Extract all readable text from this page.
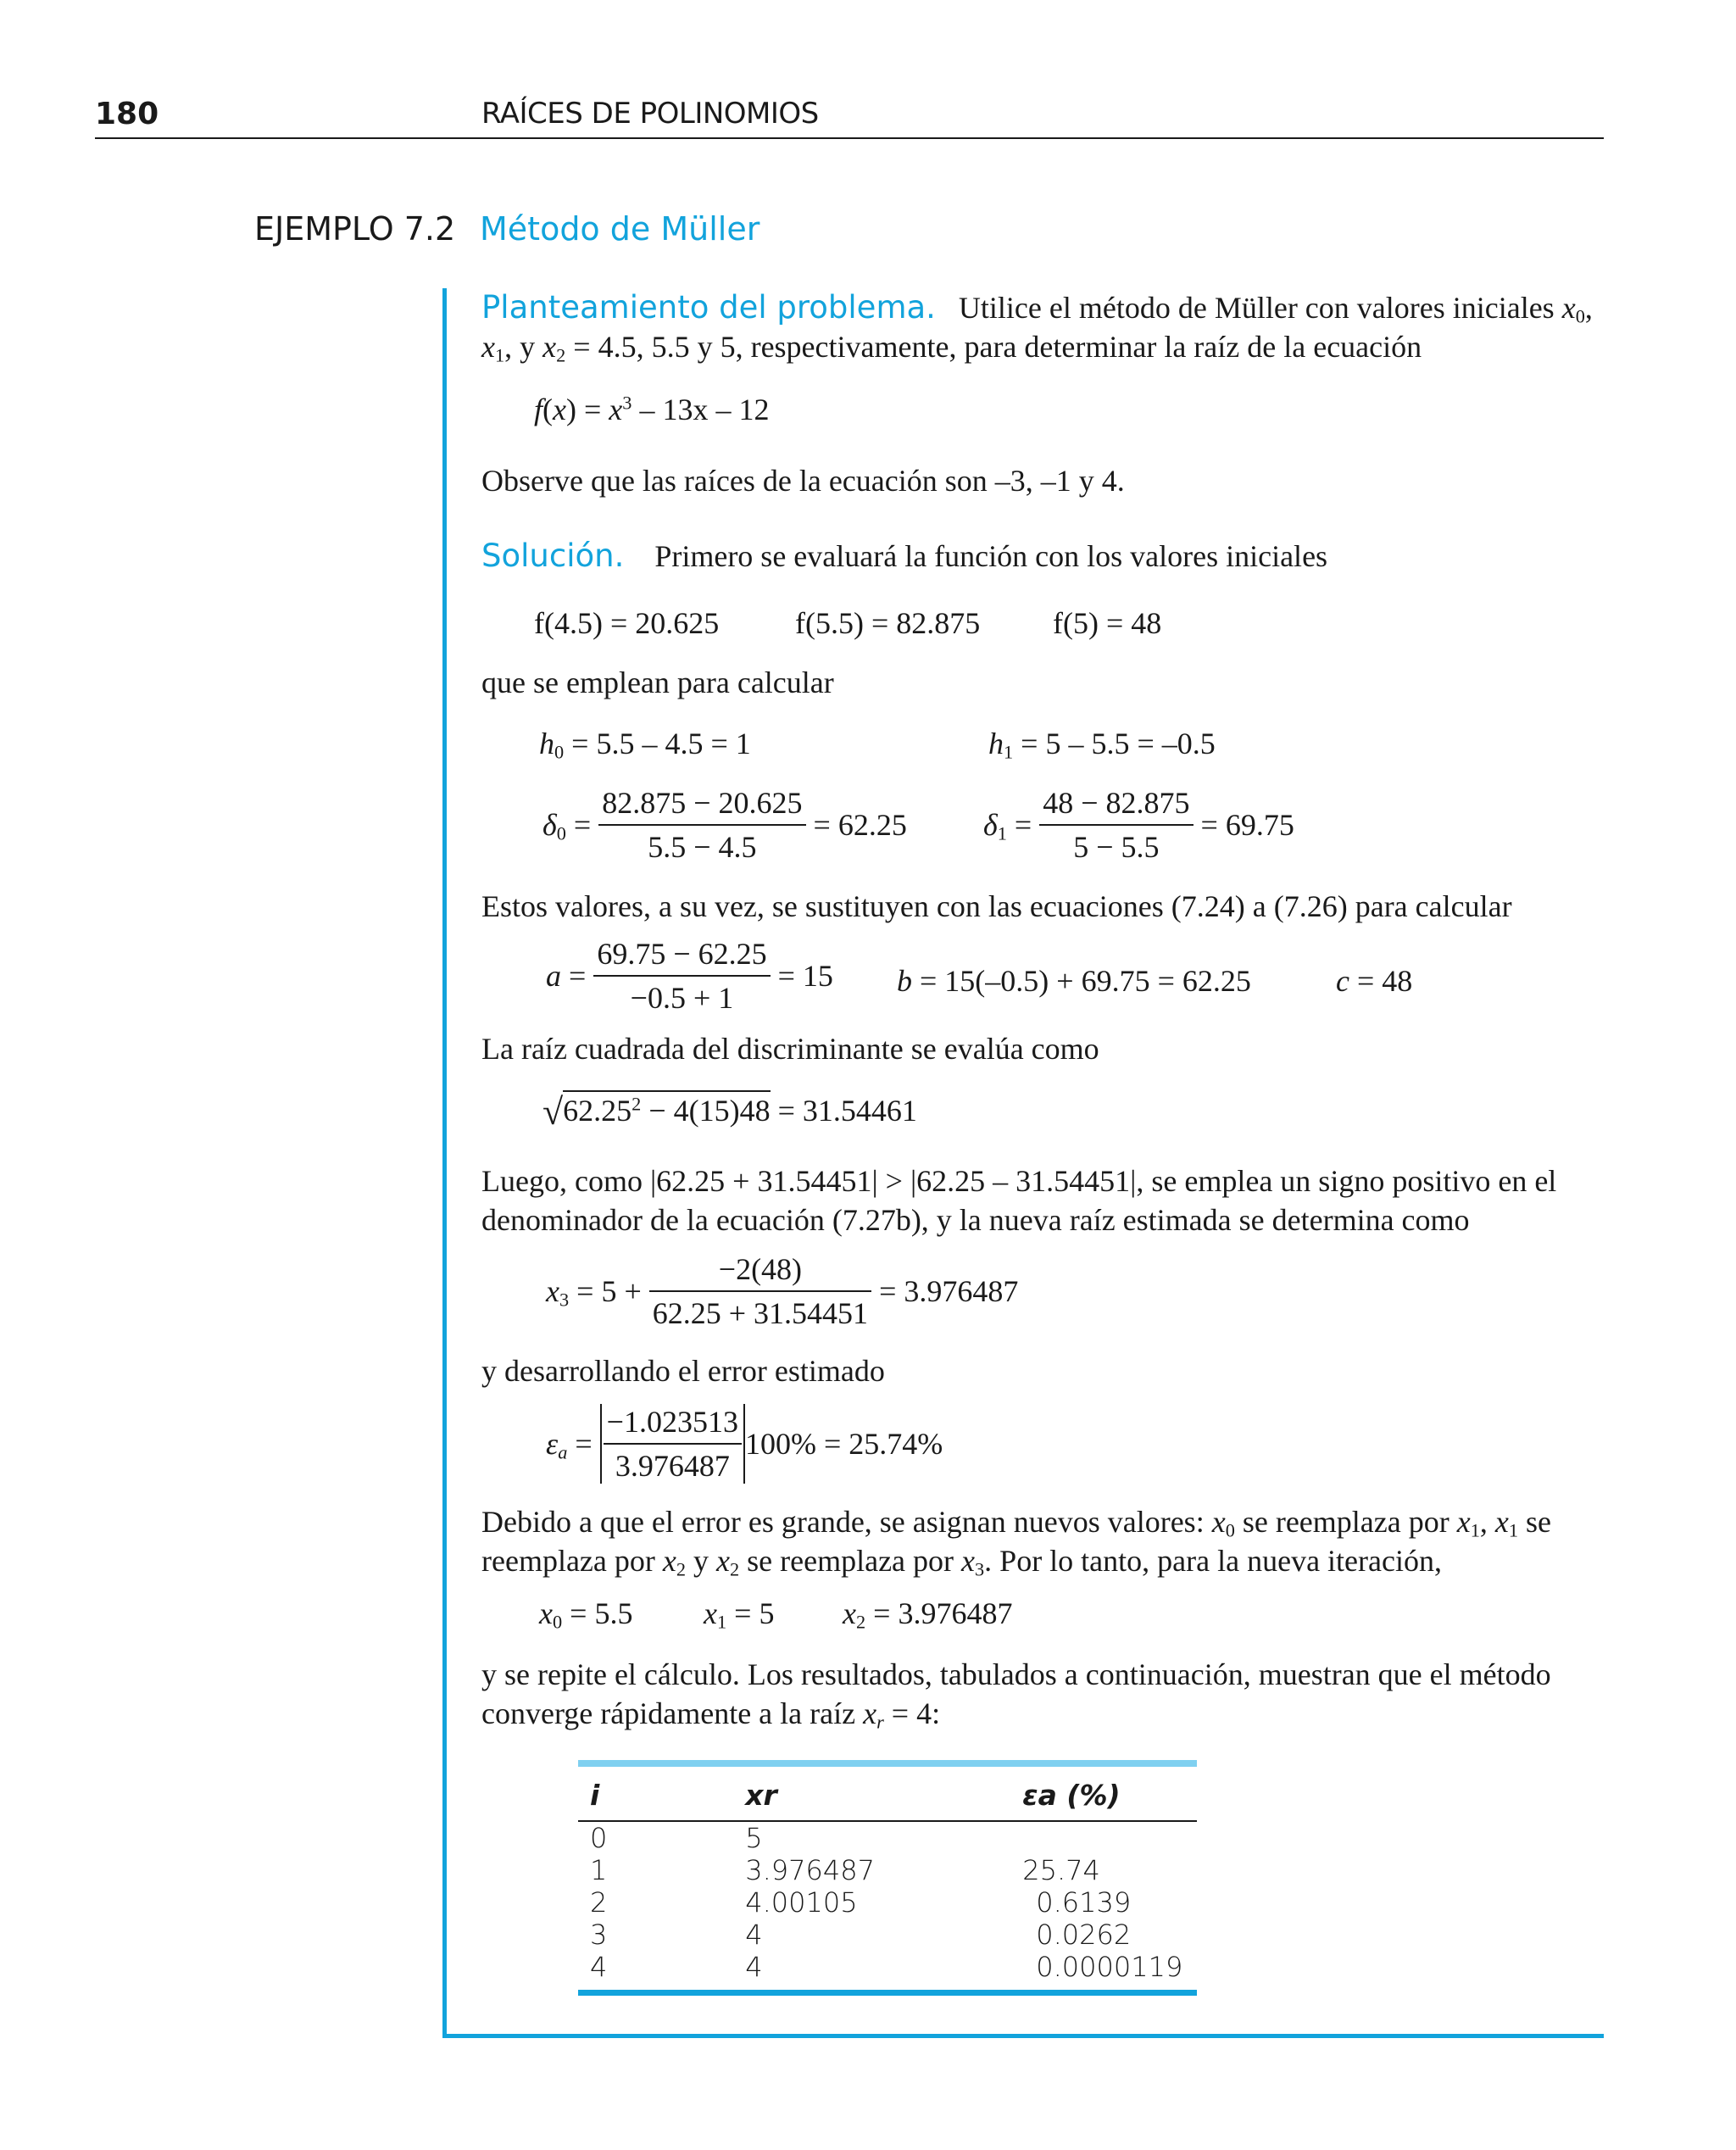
180	RAÍCES DE POLINOMIOS
EJEMPLO 7.2 Método de Müller
Planteamiento del problema. Utilice el método de Müller con valores iniciales $x_0$,
$x_1$, y $x_2 = 4.5$, 5.5 y 5, respectivamente, para determinar la raíz de la ecuación
$f(x) = x^3 - 13x - 12$
Observe que las raíces de la ecuación son –3, –1 y 4.
Solución. Primero se evaluará la función con los valores iniciales
f(4.5) = 20.625 f(5.5) = 82.875 f(5) = 48
que se emplean para calcular
$h_0 = 5.5 - 4.5 = 1$	$h_1 = 5 - 5.5 = -0.5$
$\delta_0 = \frac{82.875 - 20.625}{5.5 - 4.5} = 62.25$	$\delta_1 = \frac{48 - 82.875}{5 - 5.5} = 69.75$
Estos valores, a su vez, se sustituyen con las ecuaciones (7.24) a (7.26) para calcular
$a = \frac{69.75 - 62.25}{-0.5 + 1} = 15$ b = 15(–0.5) + 69.75 = 62.25	c = 48
La raíz cuadrada del discriminante se evalúa como
$√62.25^2 - 4(15)48 = 31.54461$
Luego, como |62.25 + 31.54451| > |62.25 – 31.54451|, se emplea un signo positivo en el
denominador de la ecuación (7.27b), y la nueva raíz estimada se determina como
$x_3 = 5 + \frac{-2(48)}{62.25 + 31.54451} = 3.976487$
y desarrollando el error estimado
$\varepsilon_a = \frac{-1.023513}{3.976487} 100\% = 25.74\%$
Debido a que el error es grande, se asignan nuevos valores: $x_0$ se reemplaza por $x_1$, $x_1$ se
reemplaza por $x_2$ y $x_2$ se reemplaza por $x_3$. Por lo tanto, para la nueva iteración,
$x_0 = 5.5$ $x_1 = 5$ $x_2 = 3.976487$
y se repite el cálculo. Los resultados, tabulados a continuación, muestran que el método
converge rápidamente a la raíz $x_r = 4$:
i	xr	εa (%)
0	5	
1	3.976487	25.74
2	4.00105	0.6139
3	4	0.0262
4	4	0.0000119
